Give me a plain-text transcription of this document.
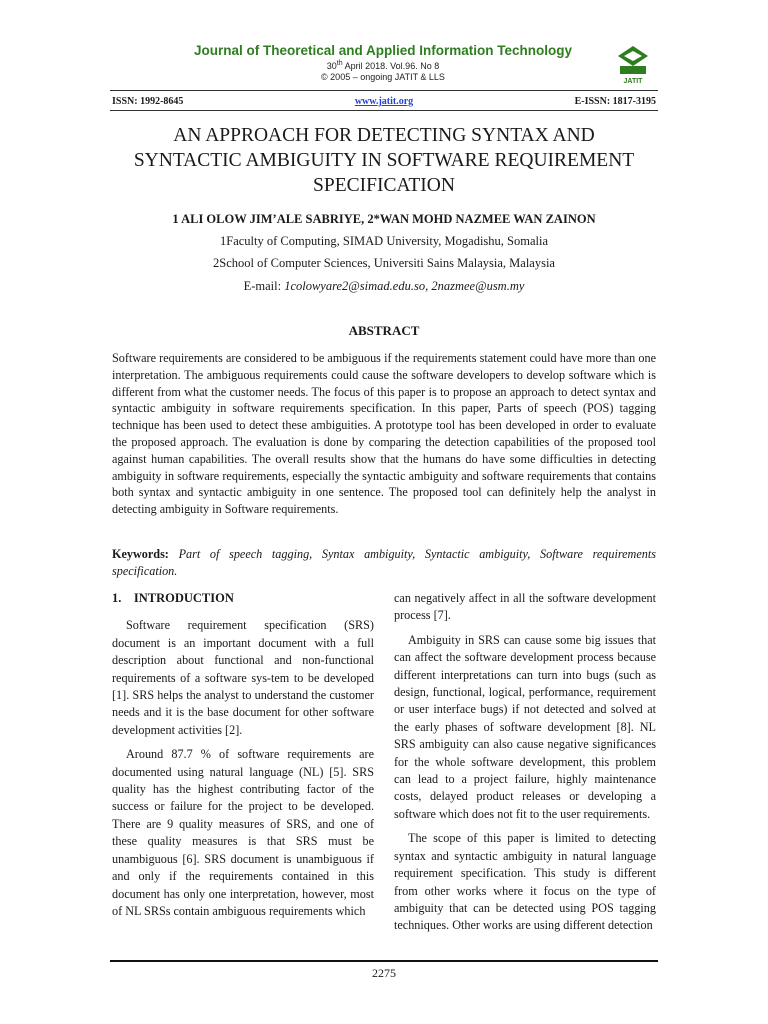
Journal of Theoretical and Applied Information Technology
30th April 2018. Vol.96. No 8
© 2005 – ongoing JATIT & LLS	JATIT
ISSN: 1992-8645	www.jatit.org	E-ISSN: 1817-3195
AN APPROACH FOR DETECTING SYNTAX AND
SYNTACTIC AMBIGUITY IN SOFTWARE REQUIREMENT
SPECIFICATION
1 ALI OLOW JIM’ALE SABRIYE, 2*WAN MOHD NAZMEE WAN ZAINON
1Faculty of Computing, SIMAD University, Mogadishu, Somalia
2School of Computer Sciences, Universiti Sains Malaysia, Malaysia
E-mail: 1colowyare2@simad.edu.so, 2nazmee@usm.my
ABSTRACT
Software requirements are considered to be ambiguous if the requirements statement could have more than one interpretation. The ambiguous requirements could cause the software developers to develop software which is different from what the customer needs. The focus of this paper is to propose an approach to detect syntax and syntactic ambiguity in software requirements specification. In this paper, Parts of speech (POS) tagging technique has been used to detect these ambiguities. A prototype tool has been developed in order to evaluate the proposed approach. The evaluation is done by comparing the detection capabilities of the proposed tool against human capabilities. The overall results show that the humans do have some difficulties in detecting ambiguity in software requirements, especially the syntactic ambiguity and software requirements that contains both syntax and syntactic ambiguity in one sentence. The proposed tool can definitely help the analyst in detecting ambiguity in Software requirements.
Keywords: Part of speech tagging, Syntax ambiguity, Syntactic ambiguity, Software requirements specification.
1.    INTRODUCTION

Software requirement specification (SRS) document is an important document with a full description about functional and non-functional requirements of a software sys-tem to be developed [1]. SRS helps the analyst to understand the customer needs and it is the base document for other software development activities [2].

Around 87.7 % of software requirements are documented using natural language (NL) [5]. SRS quality has the highest contributing factor of the success or failure for the project to be developed. There are 9 quality measures of SRS, and one of these quality measures is that SRS must be unambiguous [6]. SRS document is unambiguous if and only if the requirements contained in this document has only one interpretation, however, most of NL SRSs contain ambiguous requirements which

can negatively affect in all the software development process [7].

Ambiguity in SRS can cause some big issues that can affect the software development process because different interpretations can turn into bugs (such as design, functional, logical, performance, requirement or user interface bugs) if not detected and solved at the early phases of software development [8]. NL SRS ambiguity can also cause negative significances for the whole software development, this problem can lead to a project failure, highly maintenance costs, delayed product releases or developing a software which does not fit to the user requirements.

The scope of this paper is limited to detecting syntax and syntactic ambiguity in natural language requirement specification. This study is different from other works where it focus on the type of ambiguity that can be detected using POS tagging techniques. Other works are using different detection

2275
